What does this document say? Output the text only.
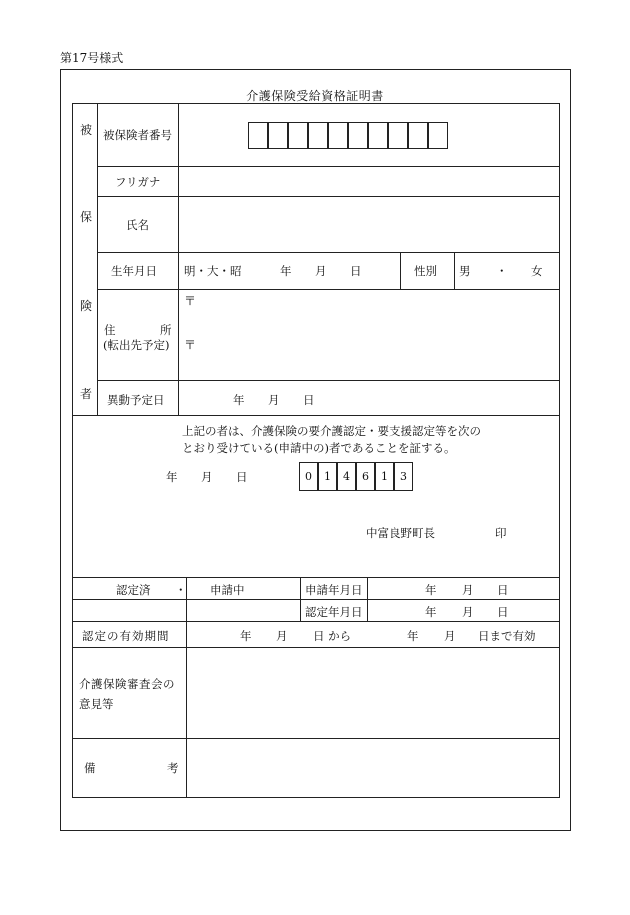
第17号様式
介護保険受給資格証明書
被
保
険
者
被保険者番号
フリガナ
氏名
生年月日 明・大・昭	年 月 日	性別 男 ・ 女
住	所
(転出先予定)
〒
〒
異動予定日	年 月 日
上記の者は、介護保険の要介護認定・要支援認定等を次の
とおり受けている(申請中の)者であることを証する。
年 月 日	0	1	4	6	1	3
中富良野町長	印
認定済 ・ 申請中	申請年月日	年 月 日
認定年月日	年 月 日
認定の有効期間	年 月 日 から	年 月 日まで有効
介護保険審査会の
意見等
備	考
